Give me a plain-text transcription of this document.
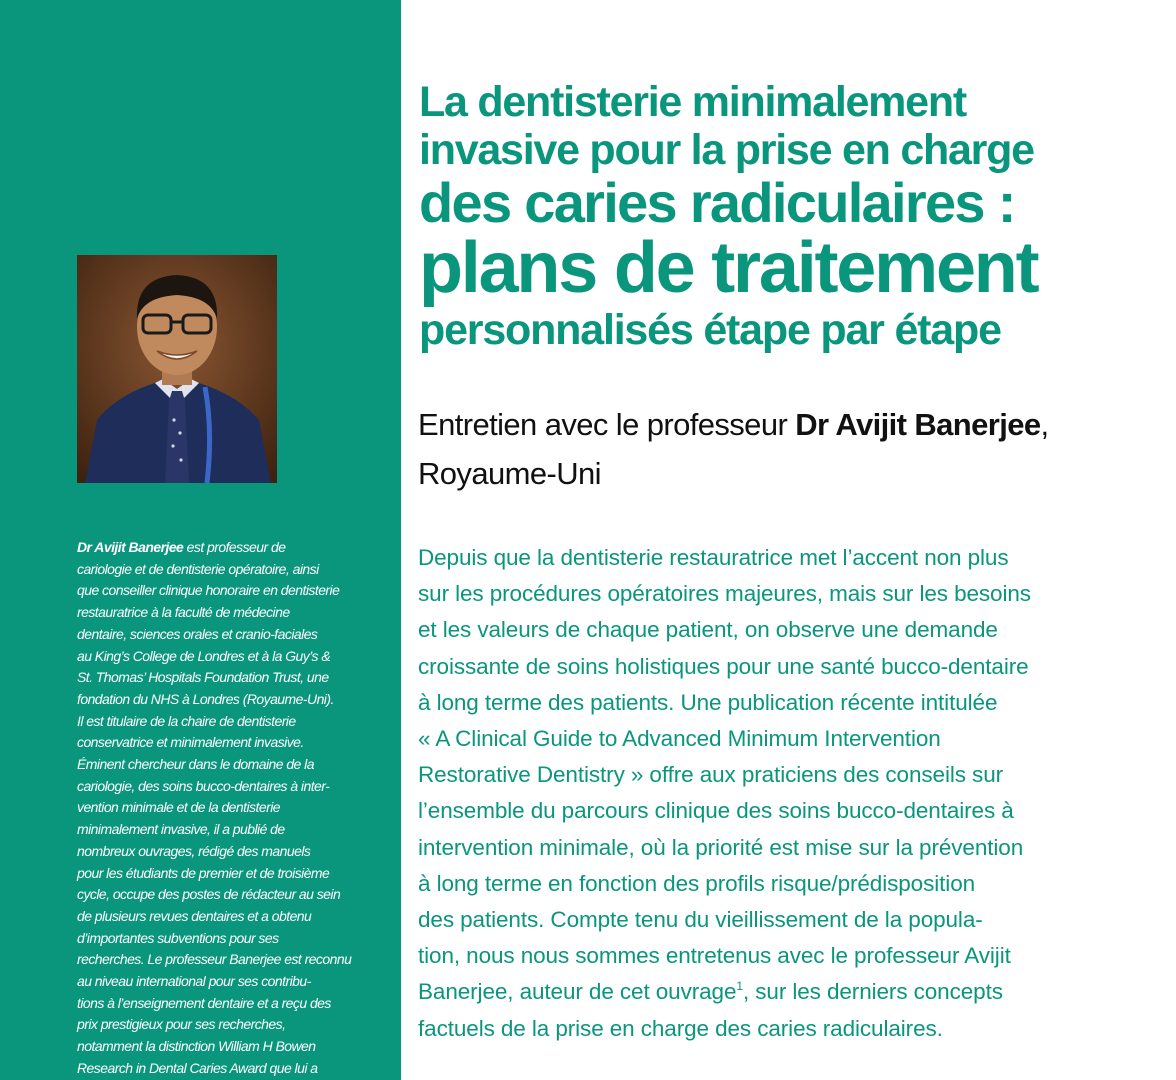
Dr Avijit Banerjee est professeur de
cariologie et de dentisterie opératoire, ainsi
que conseiller clinique honoraire en dentisterie
restauratrice à la faculté de médecine
dentaire, sciences orales et cranio-faciales
au King’s College de Londres et à la Guy’s &
St. Thomas’ Hospitals Foundation Trust, une
fondation du NHS à Londres (Royaume-Uni).
Il est titulaire de la chaire de dentisterie
conservatrice et minimalement invasive.
Éminent chercheur dans le domaine de la
cariologie, des soins bucco-dentaires à inter-
vention minimale et de la dentisterie
minimalement invasive, il a publié de
nombreux ouvrages, rédigé des manuels
pour les étudiants de premier et de troisième
cycle, occupe des postes de rédacteur au sein
de plusieurs revues dentaires et a obtenu
d’importantes subventions pour ses
recherches. Le professeur Banerjee est reconnu
au niveau international pour ses contribu-
tions à l’enseignement dentaire et a reçu des
prix prestigieux pour ses recherches,
notamment la distinction William H Bowen
Research in Dental Caries Award que lui a

La dentisterie minimalement
invasive pour la prise en charge
des caries radiculaires :
plans de traitement
personnalisés étape par étape

Entretien avec le professeur Dr Avijit Banerjee,
Royaume-Uni

Depuis que la dentisterie restauratrice met l’accent non plus
sur les procédures opératoires majeures, mais sur les besoins
et les valeurs de chaque patient, on observe une demande
croissante de soins holistiques pour une santé bucco-dentaire
à long terme des patients. Une publication récente intitulée
« A Clinical Guide to Advanced Minimum Intervention
Restorative Dentistry » offre aux praticiens des conseils sur
l’ensemble du parcours clinique des soins bucco-dentaires à
intervention minimale, où la priorité est mise sur la prévention
à long terme en fonction des profils risque/prédisposition
des patients. Compte tenu du vieillissement de la popula-
tion, nous nous sommes entretenus avec le professeur Avijit
Banerjee, auteur de cet ouvrage$^1$, sur les derniers concepts
factuels de la prise en charge des caries radiculaires.
